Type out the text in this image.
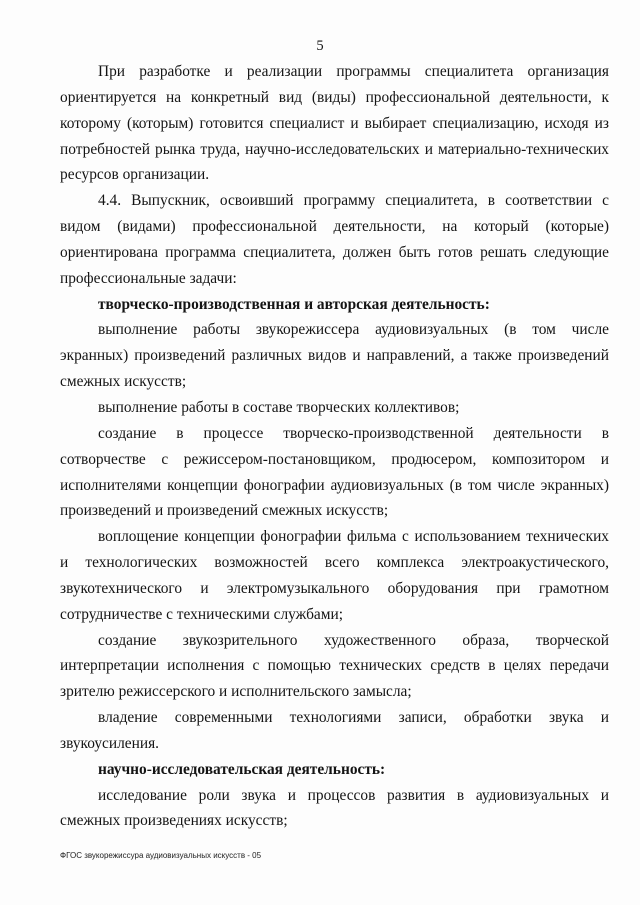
5

При разработке и реализации программы специалитета организация ориентируется на конкретный вид (виды) профессиональной деятельности, к которому (которым) готовится специалист и выбирает специализацию, исходя из потребностей рынка труда, научно-исследовательских и материально-технических ресурсов организации.

4.4. Выпускник, освоивший программу специалитета, в соответствии с видом (видами) профессиональной деятельности, на который (которые) ориентирована программа специалитета, должен быть готов решать следующие профессиональные задачи:

творческо-производственная и авторская деятельность:

выполнение работы звукорежиссера аудиовизуальных (в том числе экранных) произведений различных видов и направлений, а также произведений смежных искусств;

выполнение работы в составе творческих коллективов;

создание в процессе творческо-производственной деятельности в сотворчестве с режиссером-постановщиком, продюсером, композитором и исполнителями концепции фонографии аудиовизуальных (в том числе экранных) произведений и произведений смежных искусств;

воплощение концепции фонографии фильма с использованием технических и технологических возможностей всего комплекса электроакустического, звукотехнического и электромузыкального оборудования при грамотном сотрудничестве с техническими службами;

создание звукозрительного художественного образа, творческой интерпретации исполнения с помощью технических средств в целях передачи зрителю режиссерского и исполнительского замысла;

владение современными технологиями записи, обработки звука и звукоусиления.

научно-исследовательская деятельность:

исследование роли звука и процессов развития в аудиовизуальных и смежных произведениях искусств;

ФГОС звукорежиссура аудиовизуальных искусств - 05
